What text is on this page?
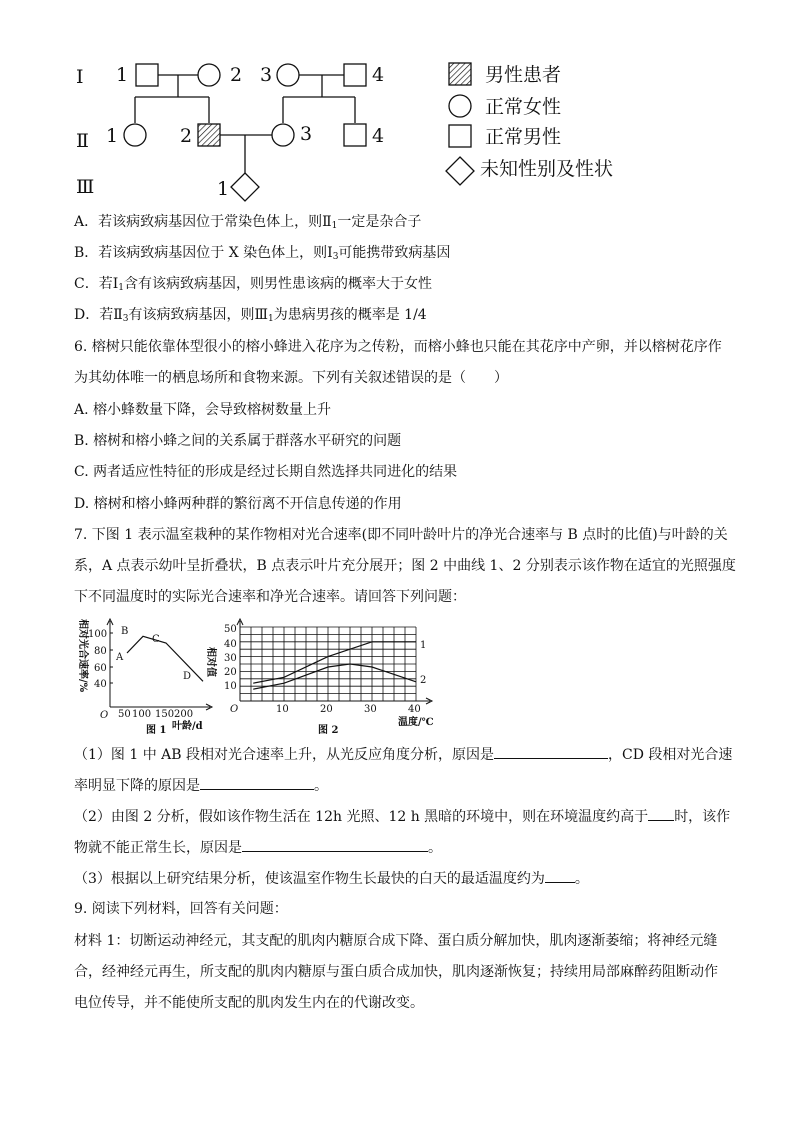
Ⅰ
Ⅱ
Ⅲ
1	2 3	4
1	2	3	4
1
男性患者
正常女性
正常男性
未知性别及性状
A．若该病致病基因位于常染色体上，则$Ⅱ_1$一定是杂合子
B．若该病致病基因位于 X 染色体上，则$Ⅰ_3$可能携带致病基因
C．若$Ⅰ_1$含有该病致病基因，则男性患该病的概率大于女性
D．若$Ⅱ_3$有该病致病基因，则$Ⅲ_1$为患病男孩的概率是 1/4
6. 榕树只能依靠体型很小的榕小蜂进入花序为之传粉，而榕小蜂也只能在其花序中产卵，并以榕树花序作
为其幼体唯一的栖息场所和食物来源。下列有关叙述错误的是（　　）
A. 榕小蜂数量下降，会导致榕树数量上升
B. 榕树和榕小蜂之间的关系属于群落水平研究的问题
C. 两者适应性特征的形成是经过长期自然选择共同进化的结果
D. 榕树和榕小蜂两种群的繁衍离不开信息传递的作用
7. 下图 1 表示温室栽种的某作物相对光合速率(即不同叶龄叶片的净光合速率与 B 点时的比值)与叶龄的关
系，A 点表示幼叶呈折叠状，B 点表示叶片充分展开；图 2 中曲线 1、2 分别表示该作物在适宜的光照强度
下不同温度时的实际光合速率和净光合速率。请回答下列问题：
相对光合速率/% 100
80
60
40
O 50 100 150 200
叶龄/d
图 1
A
B
C
D 相对值
50
40
30
20
10
O	10	20	30	40
温度/℃
图 2
1
2
（1）图 1 中 AB 段相对光合速率上升，从光反应角度分析，原因是	，CD 段相对光合速
率明显下降的原因是	。
（2）由图 2 分析，假如该作物生活在 12h 光照、12 h 黑暗的环境中，则在环境温度约高于 时，该作
物就不能正常生长，原因是	。
（3）根据以上研究结果分析，使该温室作物生长最快的白天的最适温度约为 。
9. 阅读下列材料，回答有关问题：
材料 1：切断运动神经元，其支配的肌肉内糖原合成下降、蛋白质分解加快，肌肉逐渐萎缩；将神经元缝
合，经神经元再生，所支配的肌肉内糖原与蛋白质合成加快，肌肉逐渐恢复；持续用局部麻醉药阻断动作
电位传导，并不能使所支配的肌肉发生内在的代谢改变。
